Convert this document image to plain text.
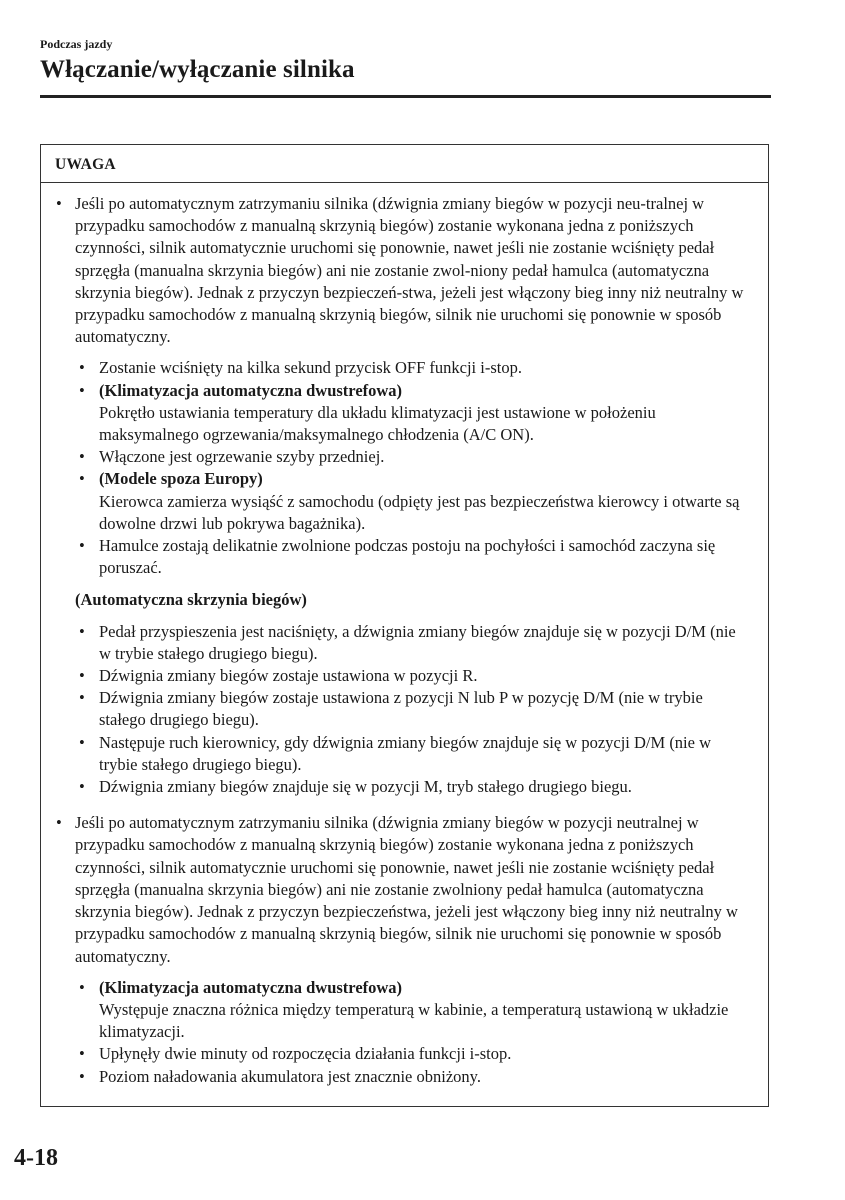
Podczas jazdy
Włączanie/wyłączanie silnika
UWAGA
• Jeśli po automatycznym zatrzymaniu silnika (dźwignia zmiany biegów w pozycji neu-tralnej w przypadku samochodów z manualną skrzynią biegów) zostanie wykonana jedna z poniższych czynności, silnik automatycznie uruchomi się ponownie, nawet jeśli nie zostanie wciśnięty pedał sprzęgła (manualna skrzynia biegów) ani nie zostanie zwol-niony pedał hamulca (automatyczna skrzynia biegów). Jednak z przyczyn bezpieczeń-stwa, jeżeli jest włączony bieg inny niż neutralny w przypadku samochodów z manualną skrzynią biegów, silnik nie uruchomi się ponownie w sposób automatyczny.

• Zostanie wciśnięty na kilka sekund przycisk OFF funkcji i-stop.
• (Klimatyzacja automatyczna dwustrefowa)
Pokrętło ustawiania temperatury dla układu klimatyzacji jest ustawione w położeniu maksymalnego ogrzewania/maksymalnego chłodzenia (A/C ON).
• Włączone jest ogrzewanie szyby przedniej.
• (Modele spoza Europy)
Kierowca zamierza wysiąść z samochodu (odpięty jest pas bezpieczeństwa kierowcy i otwarte są dowolne drzwi lub pokrywa bagażnika).
• Hamulce zostają delikatnie zwolnione podczas postoju na pochyłości i samochód zaczyna się poruszać.

(Automatyczna skrzynia biegów)

• Pedał przyspieszenia jest naciśnięty, a dźwignia zmiany biegów znajduje się w pozycji D/M (nie w trybie stałego drugiego biegu).
• Dźwignia zmiany biegów zostaje ustawiona w pozycji R.
• Dźwignia zmiany biegów zostaje ustawiona z pozycji N lub P w pozycję D/M (nie w trybie stałego drugiego biegu).
• Następuje ruch kierownicy, gdy dźwignia zmiany biegów znajduje się w pozycji D/M (nie w trybie stałego drugiego biegu).
• Dźwignia zmiany biegów znajduje się w pozycji M, tryb stałego drugiego biegu.
• Jeśli po automatycznym zatrzymaniu silnika (dźwignia zmiany biegów w pozycji neutralnej w przypadku samochodów z manualną skrzynią biegów) zostanie wykonana jedna z poniższych czynności, silnik automatycznie uruchomi się ponownie, nawet jeśli nie zostanie wciśnięty pedał sprzęgła (manualna skrzynia biegów) ani nie zostanie zwolniony pedał hamulca (automatyczna skrzynia biegów). Jednak z przyczyn bezpieczeństwa, jeżeli jest włączony bieg inny niż neutralny w przypadku samochodów z manualną skrzynią biegów, silnik nie uruchomi się ponownie w sposób automatyczny.

• (Klimatyzacja automatyczna dwustrefowa)
Występuje znaczna różnica między temperaturą w kabinie, a temperaturą ustawioną w układzie klimatyzacji.
• Upłynęły dwie minuty od rozpoczęcia działania funkcji i-stop.
• Poziom naładowania akumulatora jest znacznie obniżony.
4-18
